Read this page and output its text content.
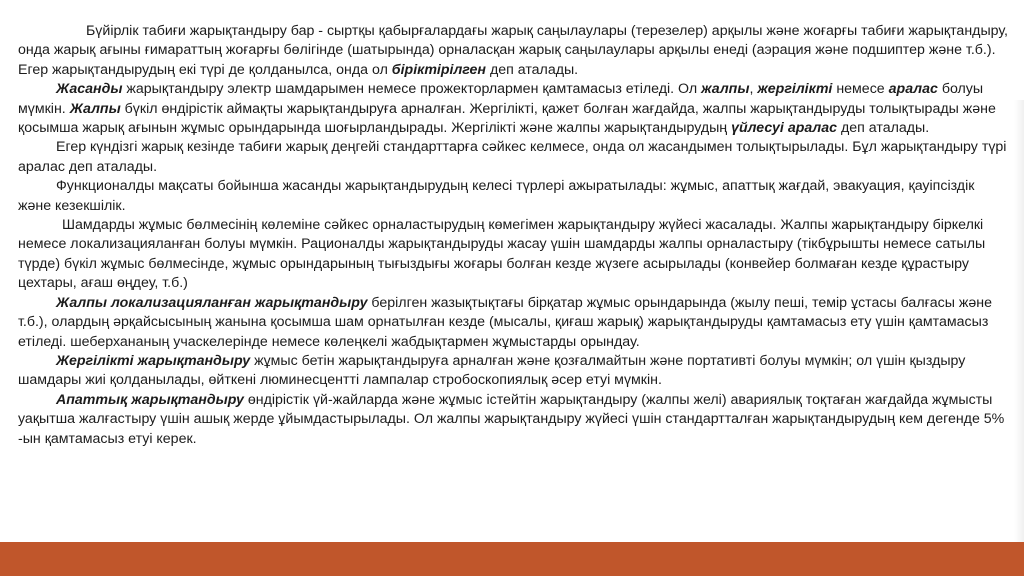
Бүйірлік табиғи жарықтандыру бар - сыртқы қабырғалардағы жарық саңылаулары (терезелер) арқылы және жоғарғы табиғи жарықтандыру, онда жарық ағыны ғимараттың жоғарғы бөлігінде (шатырында) орналасқан жарық саңылаулары арқылы енеді (аэрация және подшиптер және т.б.). Егер жарықтандырудың екі түрі де қолданылса, онда ол біріктірілген деп аталады.

Жасанды жарықтандыру электр шамдарымен немесе прожекторлармен қамтамасыз етіледі. Ол жалпы, жергілікті немесе аралас болуы мүмкін. Жалпы бүкіл өндірістік аймақты жарықтандыруға арналған. Жергілікті, қажет болған жағдайда, жалпы жарықтандыруды толықтырады және қосымша жарық ағынын жұмыс орындарында шоғырландырады. Жергілікті және жалпы жарықтандырудың үйлесуі аралас деп аталады.

Егер күндізгі жарық кезінде табиғи жарық деңгейі стандарттарға сәйкес келмесе, онда ол жасандымен толықтырылады. Бұл жарықтандыру түрі аралас деп аталады.

Функционалды мақсаты бойынша жасанды жарықтандырудың келесі түрлері ажыратылады: жұмыс, апаттық жағдай, эвакуация, қауіпсіздік және кезекшілік.

Шамдарды жұмыс бөлмесінің көлеміне сәйкес орналастырудың көмегімен жарықтандыру жүйесі жасалады. Жалпы жарықтандыру біркелкі немесе локализацияланған болуы мүмкін. Рационалды жарықтандыруды жасау үшін шамдарды жалпы орналастыру (тікбұрышты немесе сатылы түрде) бүкіл жұмыс бөлмесінде, жұмыс орындарының тығыздығы жоғары болған кезде жүзеге асырылады (конвейер болмаған кезде құрастыру цехтары, ағаш өңдеу, т.б.)

Жалпы локализацияланған жарықтандыру берілген жазықтықтағы бірқатар жұмыс орындарында (жылу пеші, темір ұстасы балғасы және т.б.), олардың әрқайсысының жанына қосымша шам орнатылған кезде (мысалы, қиғаш жарық) жарықтандыруды қамтамасыз ету үшін қамтамасыз етіледі. шеберхананың учаскелерінде немесе көлеңкелі жабдықтармен жұмыстарды орындау.

Жергілікті жарықтандыру жұмыс бетін жарықтандыруға арналған және қозғалмайтын және портативті болуы мүмкін; ол үшін қыздыру шамдары жиі қолданылады, өйткені люминесцентті лампалар стробоскопиялық әсер етуі мүмкін.

Апаттық жарықтандыру өндірістік үй-жайларда және жұмыс істейтін жарықтандыру (жалпы желі) авариялық тоқтаған жағдайда жұмысты уақытша жалғастыру үшін ашық жерде ұйымдастырылады. Ол жалпы жарықтандыру жүйесі үшін стандартталған жарықтандырудың кем дегенде 5% -ын қамтамасыз етуі керек.
